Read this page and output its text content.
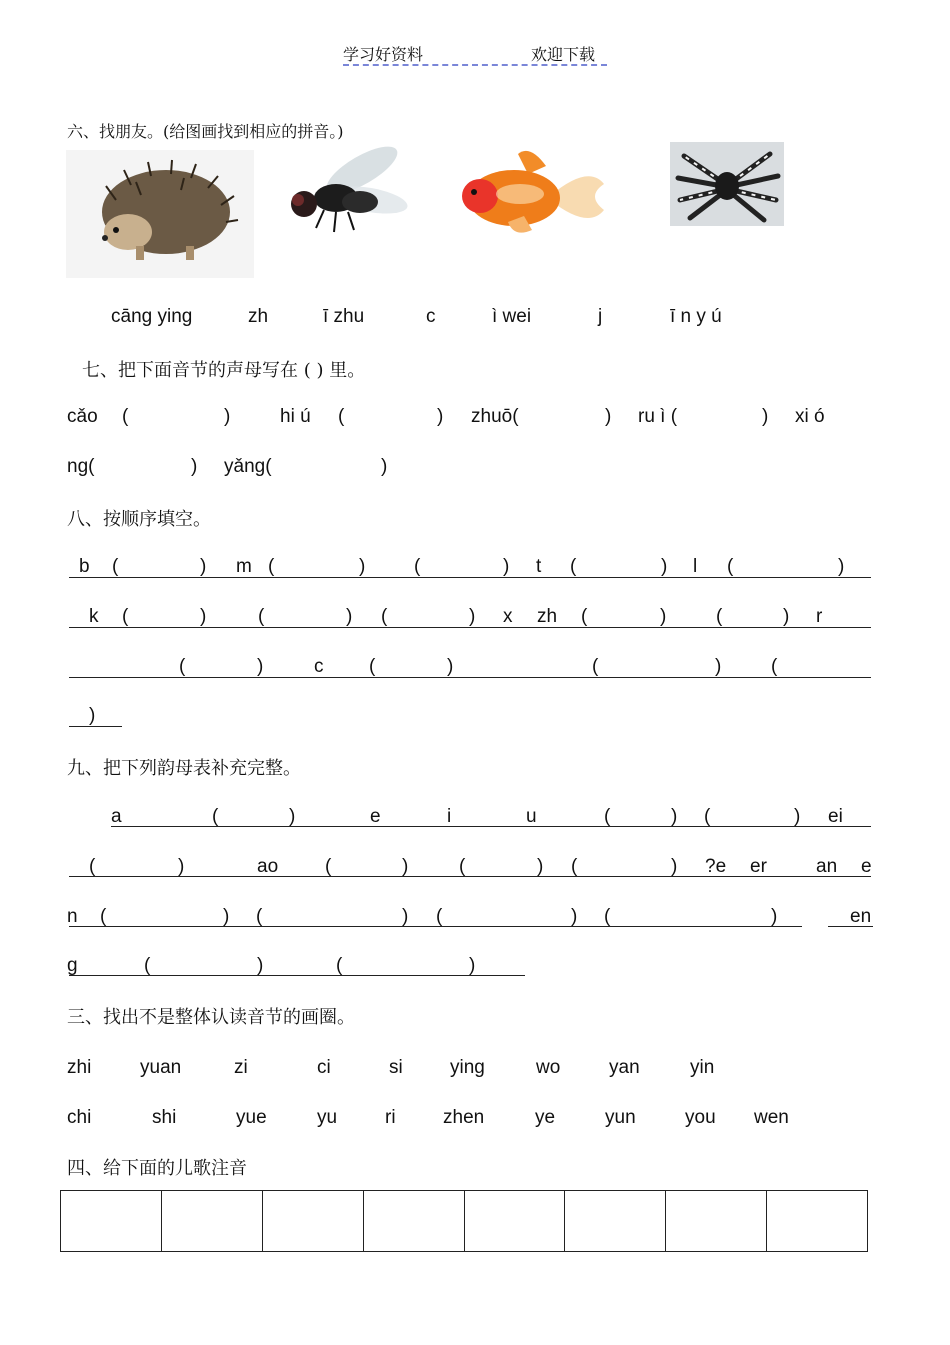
学习好资料	欢迎下载
六、找朋友。(给图画找到相应的拼音。)
cāng ying	zh	ī zhu	c	ì wei	j	ī n y ú
七、把下面音节的声母写在 ( ) 里。
cǎo (	)	hi ú (	) zhuō(	) ru ì (	) xi ó
ng(	) yǎng(	)
八、按顺序填空。
b (	) m (	)	(	) t (	) l (	)
k (	)	(	) (	) x zh (	)	(	) r
(	)	c (	)	(	)	(
)
九、把下列韵母表补充完整。
a	(	)	e	i	u	(	) (	) ei
(	)	ao (	)	(	) (	) ?e er	an e
n (	) (	) (	) (	)	en
g	(	)	(	)
三、找出不是整体认读音节的画圈。
zhi	yuan	zi	ci	si ying	wo	yan	yin
chi	shi	yue	yu	ri zhen	ye	yun	you wen
四、给下面的儿歌注音
